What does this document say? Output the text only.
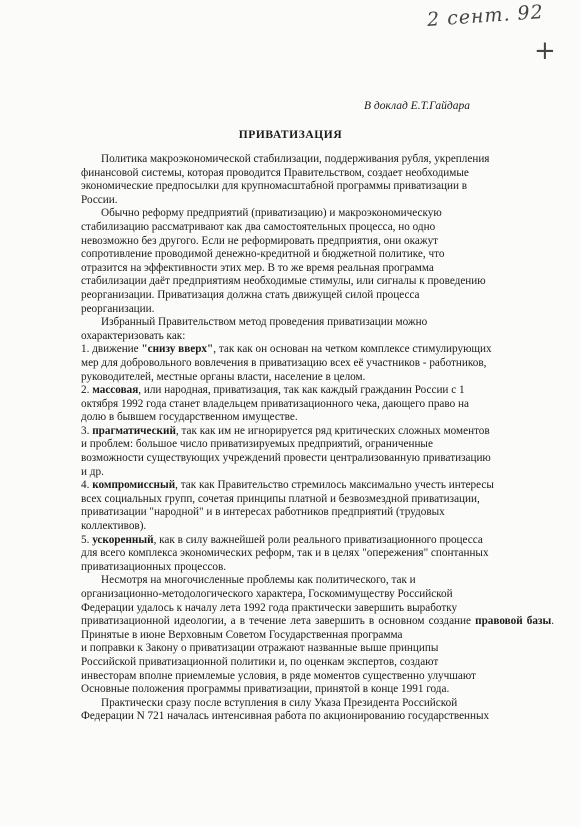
2 сент. 92
+
В доклад Е.Т.Гайдара
ПРИВАТИЗАЦИЯ

Политика макроэкономической стабилизации, поддерживания рубля, укрепления
финансовой системы, которая проводится Правительством, создает необходимые
экономические предпосылки для крупномасштабной программы приватизации в
России.

Обычно реформу предприятий (приватизацию) и макроэкономическую
стабилизацию рассматривают как два самостоятельных процесса, но одно
невозможно без другого. Если не реформировать предприятия, они окажут
сопротивление проводимой денежно-кредитной и бюджетной политике, что
отразится на эффективности этих мер. В то же время реальная программа
стабилизации даёт предприятиям необходимые стимулы, или сигналы к проведению
реорганизации. Приватизация должна стать движущей силой процесса
реорганизации.

Избранный Правительством метод проведения приватизации можно
охарактеризовать как:

1. движение "снизу вверх", так как он основан на четком комплексе стимулирующих
мер для добровольного вовлечения в приватизацию всех её участников - работников,
руководителей, местные органы власти, население в целом.

2. массовая, или народная, приватизация, так как каждый гражданин России с 1
октября 1992 года станет владельцем приватизационного чека, дающего право на
долю в бывшем государственном имуществе.

3. прагматический, так как им не игнорируется ряд критических сложных моментов
и проблем: большое число приватизируемых предприятий, ограниченные
возможности существующих учреждений провести централизованную приватизацию
и др.

4. компромиссный, так как Правительство стремилось максимально учесть интересы
всех социальных групп, сочетая принципы платной и безвозмездной приватизации,
приватизации "народной" и в интересах работников предприятий (трудовых
коллективов).

5. ускоренный, как в силу важнейшей роли реального приватизационного процесса
для всего комплекса экономических реформ, так и в целях "опережения" спонтанных
приватизационных процессов.

Несмотря на многочисленные проблемы как политического, так и
организационно-методологического характера, Госкомимуществу Российской
Федерации удалось к началу лета 1992 года практически завершить выработку
приватизационной идеологии, а в течение лета завершить в основном создание правовой базы. Принятые в июне Верховным Советом Государственная программа
и поправки к Закону о приватизации отражают названные выше принципы
Российской приватизационной политики и, по оценкам экспертов, создают
инвесторам вполне приемлемые условия, в ряде моментов существенно улучшают
Основные положения программы приватизации, принятой в конце 1991 года.

Практически сразу после вступления в силу Указа Президента Российской
Федерации N 721 началась интенсивная работа по акционированию государственных
